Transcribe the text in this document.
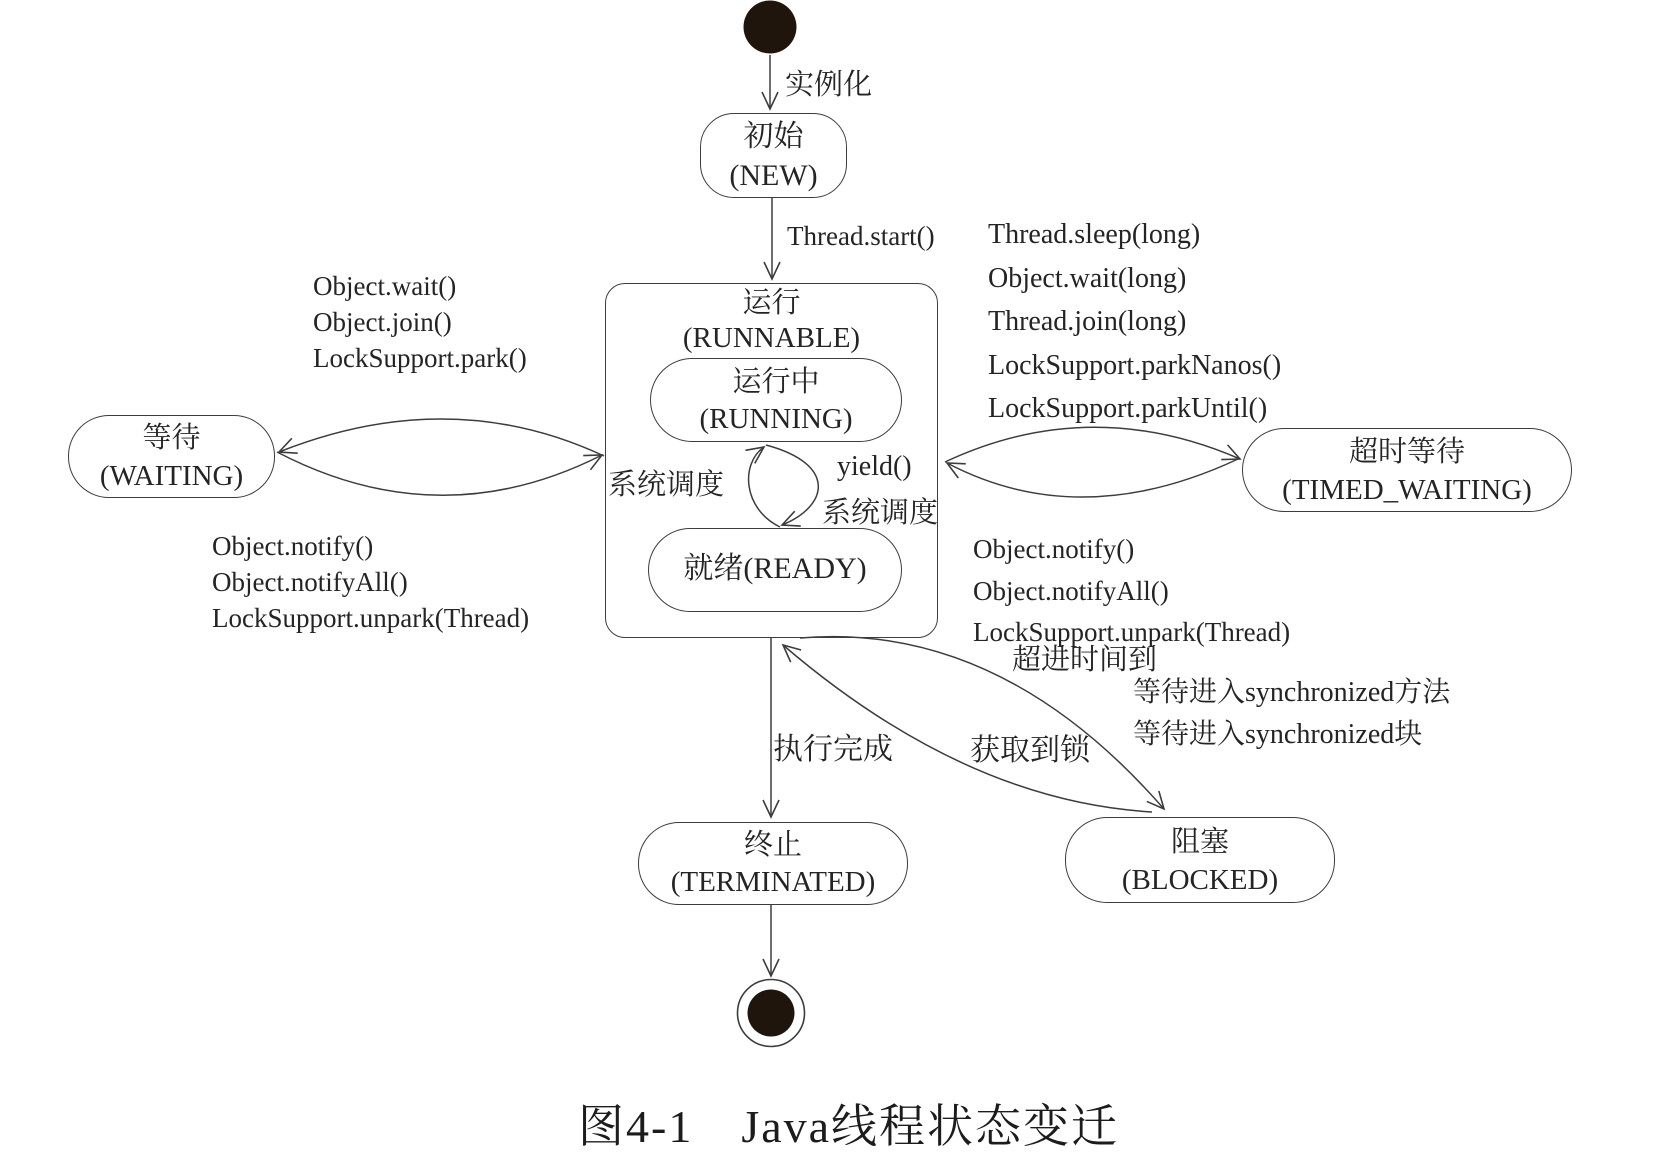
初始
(NEW)
运行
(RUNNABLE)
运行中
(RUNNING)
就绪(READY)
等待
(WAITING)
超时等待
(TIMED_WAITING)
终止
(TERMINATED)
阻塞
(BLOCKED)
实例化
Thread.start()
Object.wait()
Object.join()
LockSupport.park()
Object.notify()
Object.notifyAll()
LockSupport.unpark(Thread)
Thread.sleep(long)
Object.wait(long)
Thread.join(long)
LockSupport.parkNanos()
LockSupport.parkUntil()
Object.notify()
Object.notifyAll()
LockSupport.unpark(Thread)
超进时间到
系统调度
yield()
系统调度
执行完成	获取到锁
等待进入synchronized方法
等待进入synchronized块
图4-1　Java线程状态变迁
